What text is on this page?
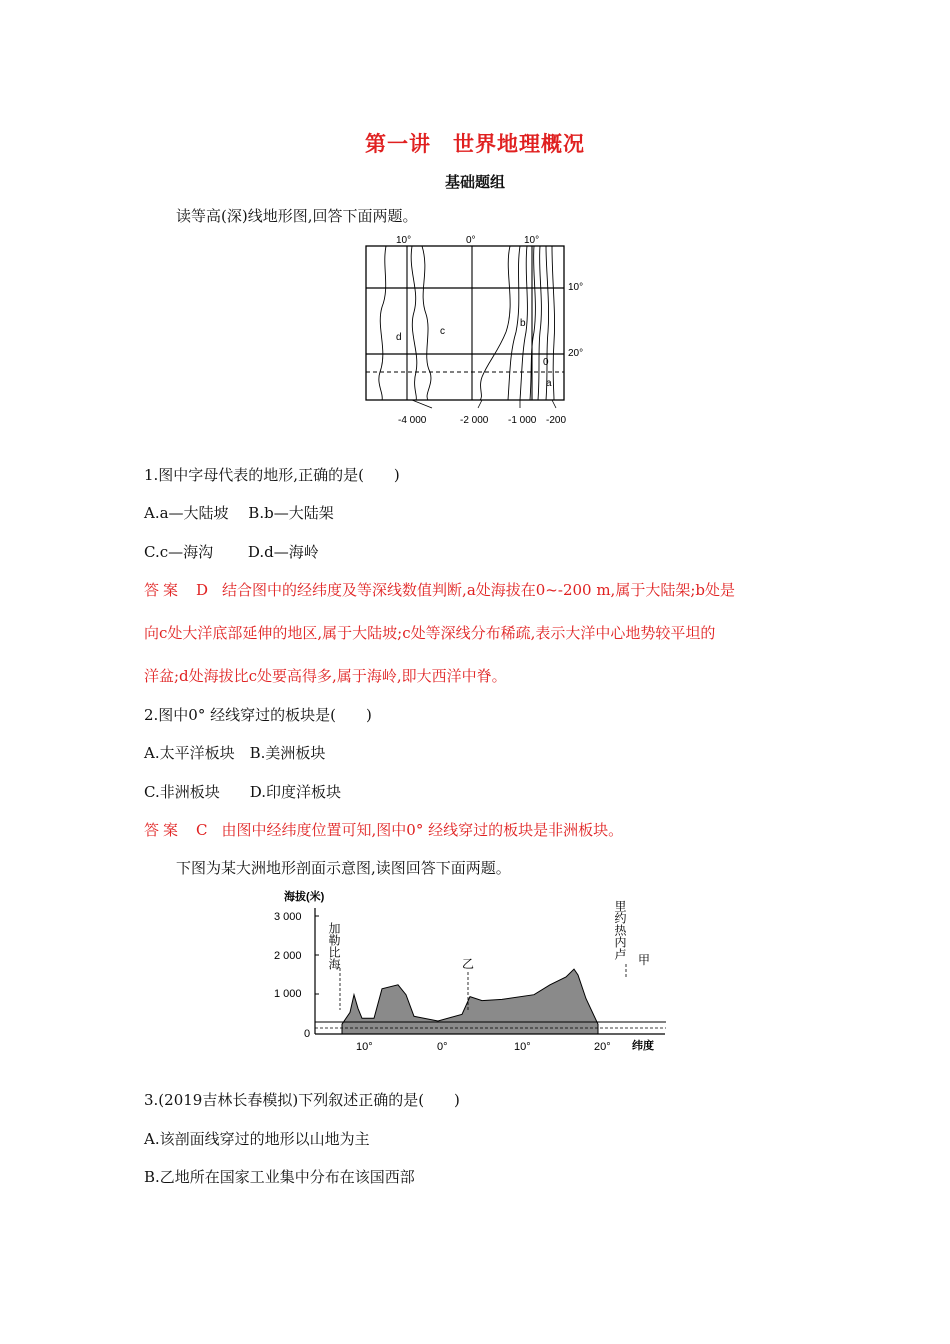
第一讲　世界地理概况
基础题组
读等高(深)线地形图,回答下面两题。
10°	0°	10°
10°
20°
d
c
b
a
0
-4 000	-2 000 -1 000 -200
1.图中字母代表的地形,正确的是(　　)
A.a—大陆坡　 B.b—大陆架
C.c—海沟　　 D.d—海岭
答案 D 结合图中的经纬度及等深线数值判断,a处海拔在0~-200 m,属于大陆架;b处是
向c处大洋底部延伸的地区,属于大陆坡;c处等深线分布稀疏,表示大洋中心地势较平坦的
洋盆;d处海拔比c处要高得多,属于海岭,即大西洋中脊。
2.图中0° 经线穿过的板块是(　　)
A.太平洋板块　B.美洲板块
C.非洲板块　　D.印度洋板块
答案 C 由图中经纬度位置可知,图中0° 经线穿过的板块是非洲板块。
下图为某大洲地形剖面示意图,读图回答下面两题。
海拔(米)
3 000
2 000
1 000
0
10°	0°	10°	20° 纬度
加勒比海	乙
里约热内卢 甲
3.(2019吉林长春模拟)下列叙述正确的是(　　)
A.该剖面线穿过的地形以山地为主
B.乙地所在国家工业集中分布在该国西部
